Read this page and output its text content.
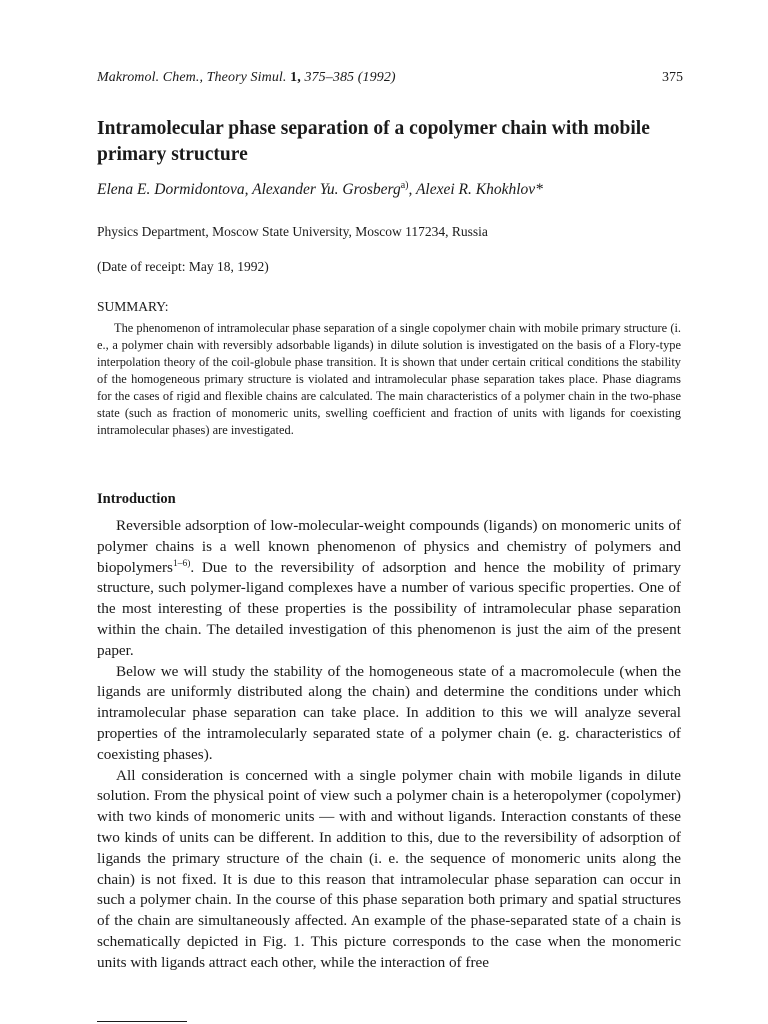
Makromol. Chem., Theory Simul. 1, 375–385 (1992)	375
Intramolecular phase separation of a copolymer chain with mobile primary structure
Elena E. Dormidontova, Alexander Yu. Grosberg$^{a)}$, Alexei R. Khokhlov*
Physics Department, Moscow State University, Moscow 117234, Russia
(Date of receipt: May 18, 1992)
SUMMARY:

The phenomenon of intramolecular phase separation of a single copolymer chain with mobile primary structure (i. e., a polymer chain with reversibly adsorbable ligands) in dilute solution is investigated on the basis of a Flory-type interpolation theory of the coil-globule phase transition. It is shown that under certain critical conditions the stability of the homogeneous primary structure is violated and intramolecular phase separation takes place. Phase diagrams for the cases of rigid and flexible chains are calculated. The main characteristics of a polymer chain in the two-phase state (such as fraction of monomeric units, swelling coefficient and fraction of units with ligands for coexisting intramolecular phases) are investigated.

Introduction

Reversible adsorption of low-molecular-weight compounds (ligands) on monomeric units of polymer chains is a well known phenomenon of physics and chemistry of polymers and biopolymers$^{1-6)}$. Due to the reversibility of adsorption and hence the mobility of primary structure, such polymer-ligand complexes have a number of various specific properties. One of the most interesting of these properties is the possibility of intramolecular phase separation within the chain. The detailed investigation of this phenomenon is just the aim of the present paper.

Below we will study the stability of the homogeneous state of a macromolecule (when the ligands are uniformly distributed along the chain) and determine the conditions under which intramolecular phase separation can take place. In addition to this we will analyze several properties of the intramolecularly separated state of a polymer chain (e. g. characteristics of coexisting phases).

All consideration is concerned with a single polymer chain with mobile ligands in dilute solution. From the physical point of view such a polymer chain is a heteropolymer (copolymer) with two kinds of monomeric units — with and without ligands. Interaction constants of these two kinds of units can be different. In addition to this, due to the reversibility of adsorption of ligands the primary structure of the chain (i. e. the sequence of monomeric units along the chain) is not fixed. It is due to this reason that intramolecular phase separation can occur in such a polymer chain. In the course of this phase separation both primary and spatial structures of the chain are simultaneously affected. An example of the phase-separated state of a chain is schematically depicted in Fig. 1. This picture corresponds to the case when the monomeric units with ligands attract each other, while the interaction of free
